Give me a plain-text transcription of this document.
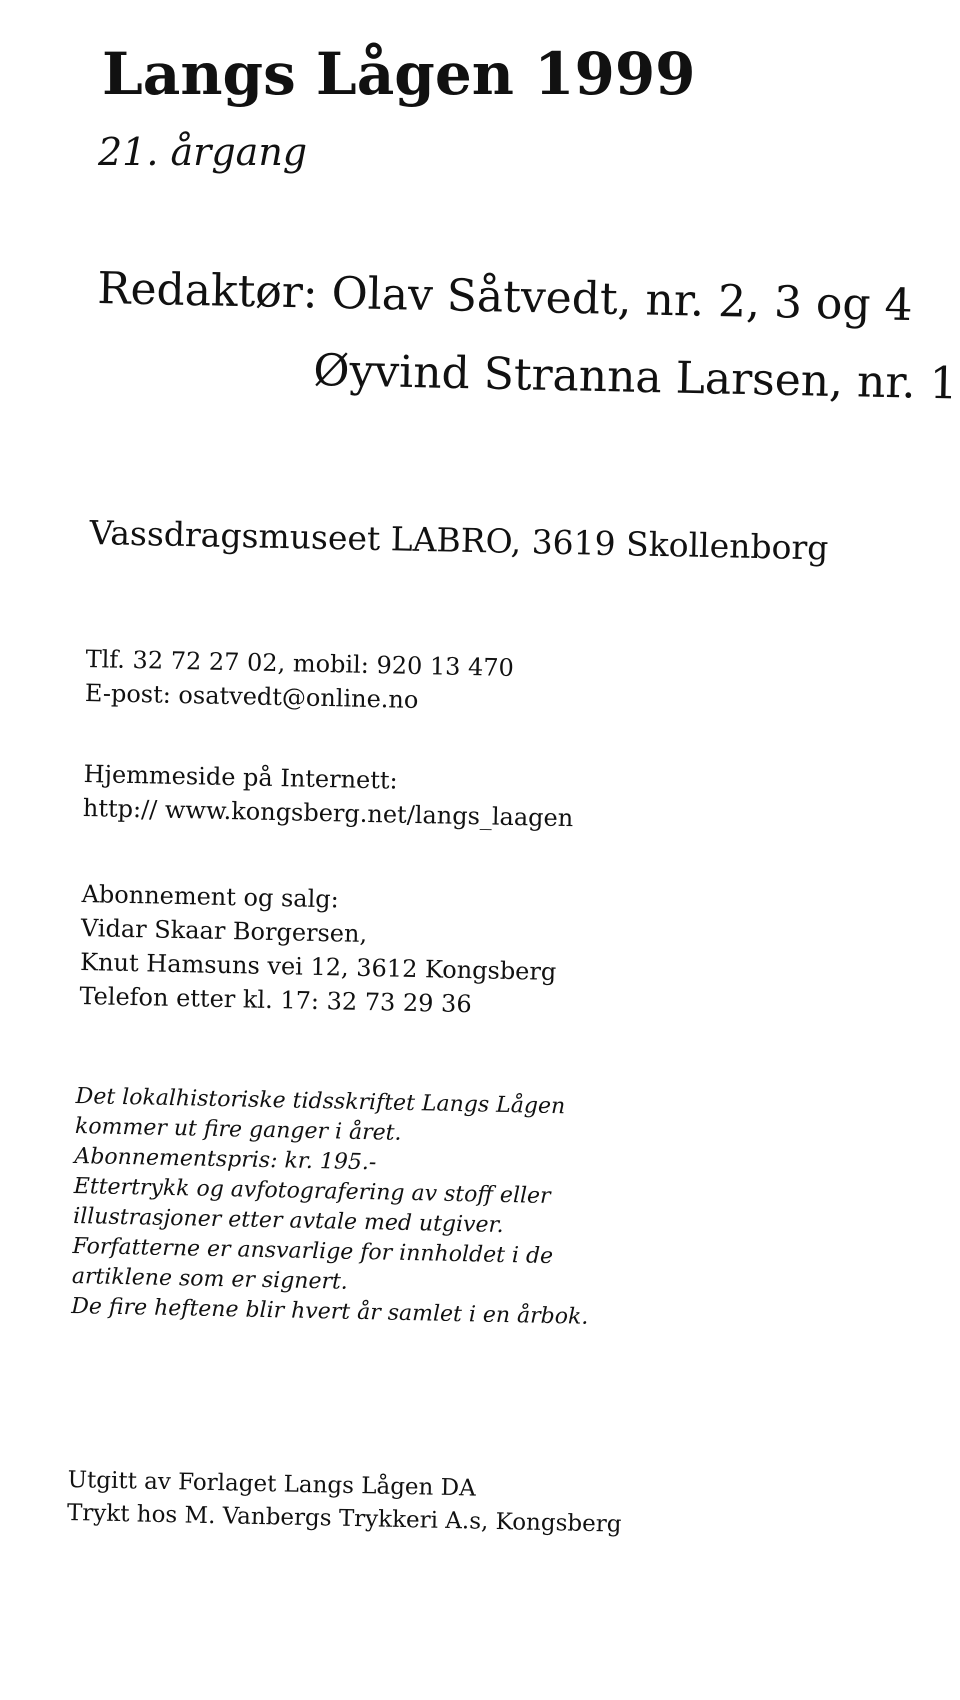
Langs Lågen 1999
21. årgang
Redaktør: Olav Såtvedt, nr. 2, 3 og 4
Øyvind Stranna Larsen, nr. 1
Vassdragsmuseet LABRO, 3619 Skollenborg
Tlf. 32 72 27 02, mobil: 920 13 470
E-post: osatvedt@online.no
Hjemmeside på Internett:
http:// www.kongsberg.net/langs_laagen
Abonnement og salg:
Vidar Skaar Borgersen,
Knut Hamsuns vei 12, 3612 Kongsberg
Telefon etter kl. 17: 32 73 29 36
Det lokalhistoriske tidsskriftet Langs Lågen
kommer ut fire ganger i året.
Abonnementspris: kr. 195.-
Ettertrykk og avfotografering av stoff eller
illustrasjoner etter avtale med utgiver.
Forfatterne er ansvarlige for innholdet i de
artiklene som er signert.
De fire heftene blir hvert år samlet i en årbok.
Utgitt av Forlaget Langs Lågen DA
Trykt hos M. Vanbergs Trykkeri A.s, Kongsberg
